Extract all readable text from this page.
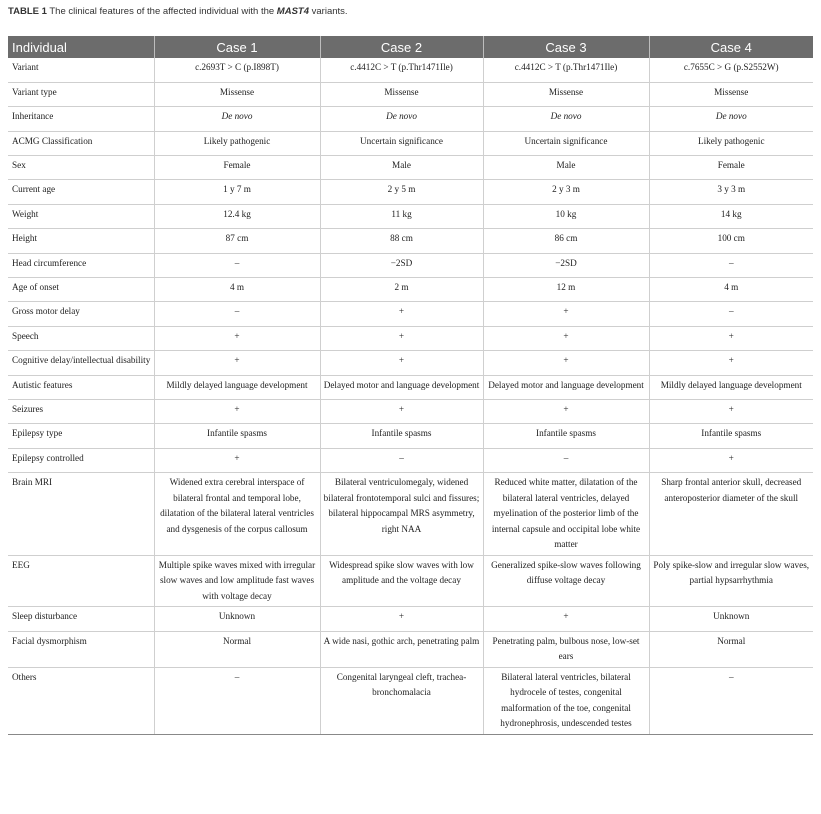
TABLE 1 The clinical features of the affected individual with the MAST4 variants.
Individual	Case 1	Case 2	Case 3	Case 4
Variant	c.2693T > C (p.I898T)	c.4412C > T (p.Thr1471Ile)	c.4412C > T (p.Thr1471Ile)	c.7655C > G (p.S2552W)
Variant type	Missense	Missense	Missense	Missense
Inheritance	De novo	De novo	De novo	De novo
ACMG Classification	Likely pathogenic	Uncertain significance	Uncertain significance	Likely pathogenic
Sex	Female	Male	Male	Female
Current age	1 y 7 m	2 y 5 m	2 y 3 m	3 y 3 m
Weight	12.4 kg	11 kg	10 kg	14 kg
Height	87 cm	88 cm	86 cm	100 cm
Head circumference	–	−2SD	−2SD	–
Age of onset	4 m	2 m	12 m	4 m
Gross motor delay	–	+	+	–
Speech	+	+	+	+
Cognitive delay/intellectual disability	+	+	+	+
Autistic features	Mildly delayed language development	Delayed motor and language development	Delayed motor and language development	Mildly delayed language development
Seizures	+	+	+	+
Epilepsy type	Infantile spasms	Infantile spasms	Infantile spasms	Infantile spasms
Epilepsy controlled	+	–	–	+
Brain MRI	Widened extra cerebral interspace of bilateral frontal and temporal lobe, dilatation of the bilateral lateral ventricles and dysgenesis of the corpus callosum	Bilateral ventriculomegaly, widened bilateral frontotemporal sulci and fissures; bilateral hippocampal MRS asymmetry, right NAA	Reduced white matter, dilatation of the bilateral lateral ventricles, delayed myelination of the posterior limb of the internal capsule and occipital lobe white matter	Sharp frontal anterior skull, decreased anteroposterior diameter of the skull
EEG	Multiple spike waves mixed with irregular slow waves and low amplitude fast waves with voltage decay	Widespread spike slow waves with low amplitude and the voltage decay	Generalized spike-slow waves following diffuse voltage decay	Poly spike-slow and irregular slow waves, partial hypsarrhythmia
Sleep disturbance	Unknown	+	+	Unknown
Facial dysmorphism	Normal	A wide nasi, gothic arch, penetrating palm	Penetrating palm, bulbous nose, low-set ears	Normal
Others	–	Congenital laryngeal cleft, trachea-bronchomalacia	Bilateral lateral ventricles, bilateral hydrocele of testes, congenital malformation of the toe, congenital hydronephrosis, undescended testes	–
